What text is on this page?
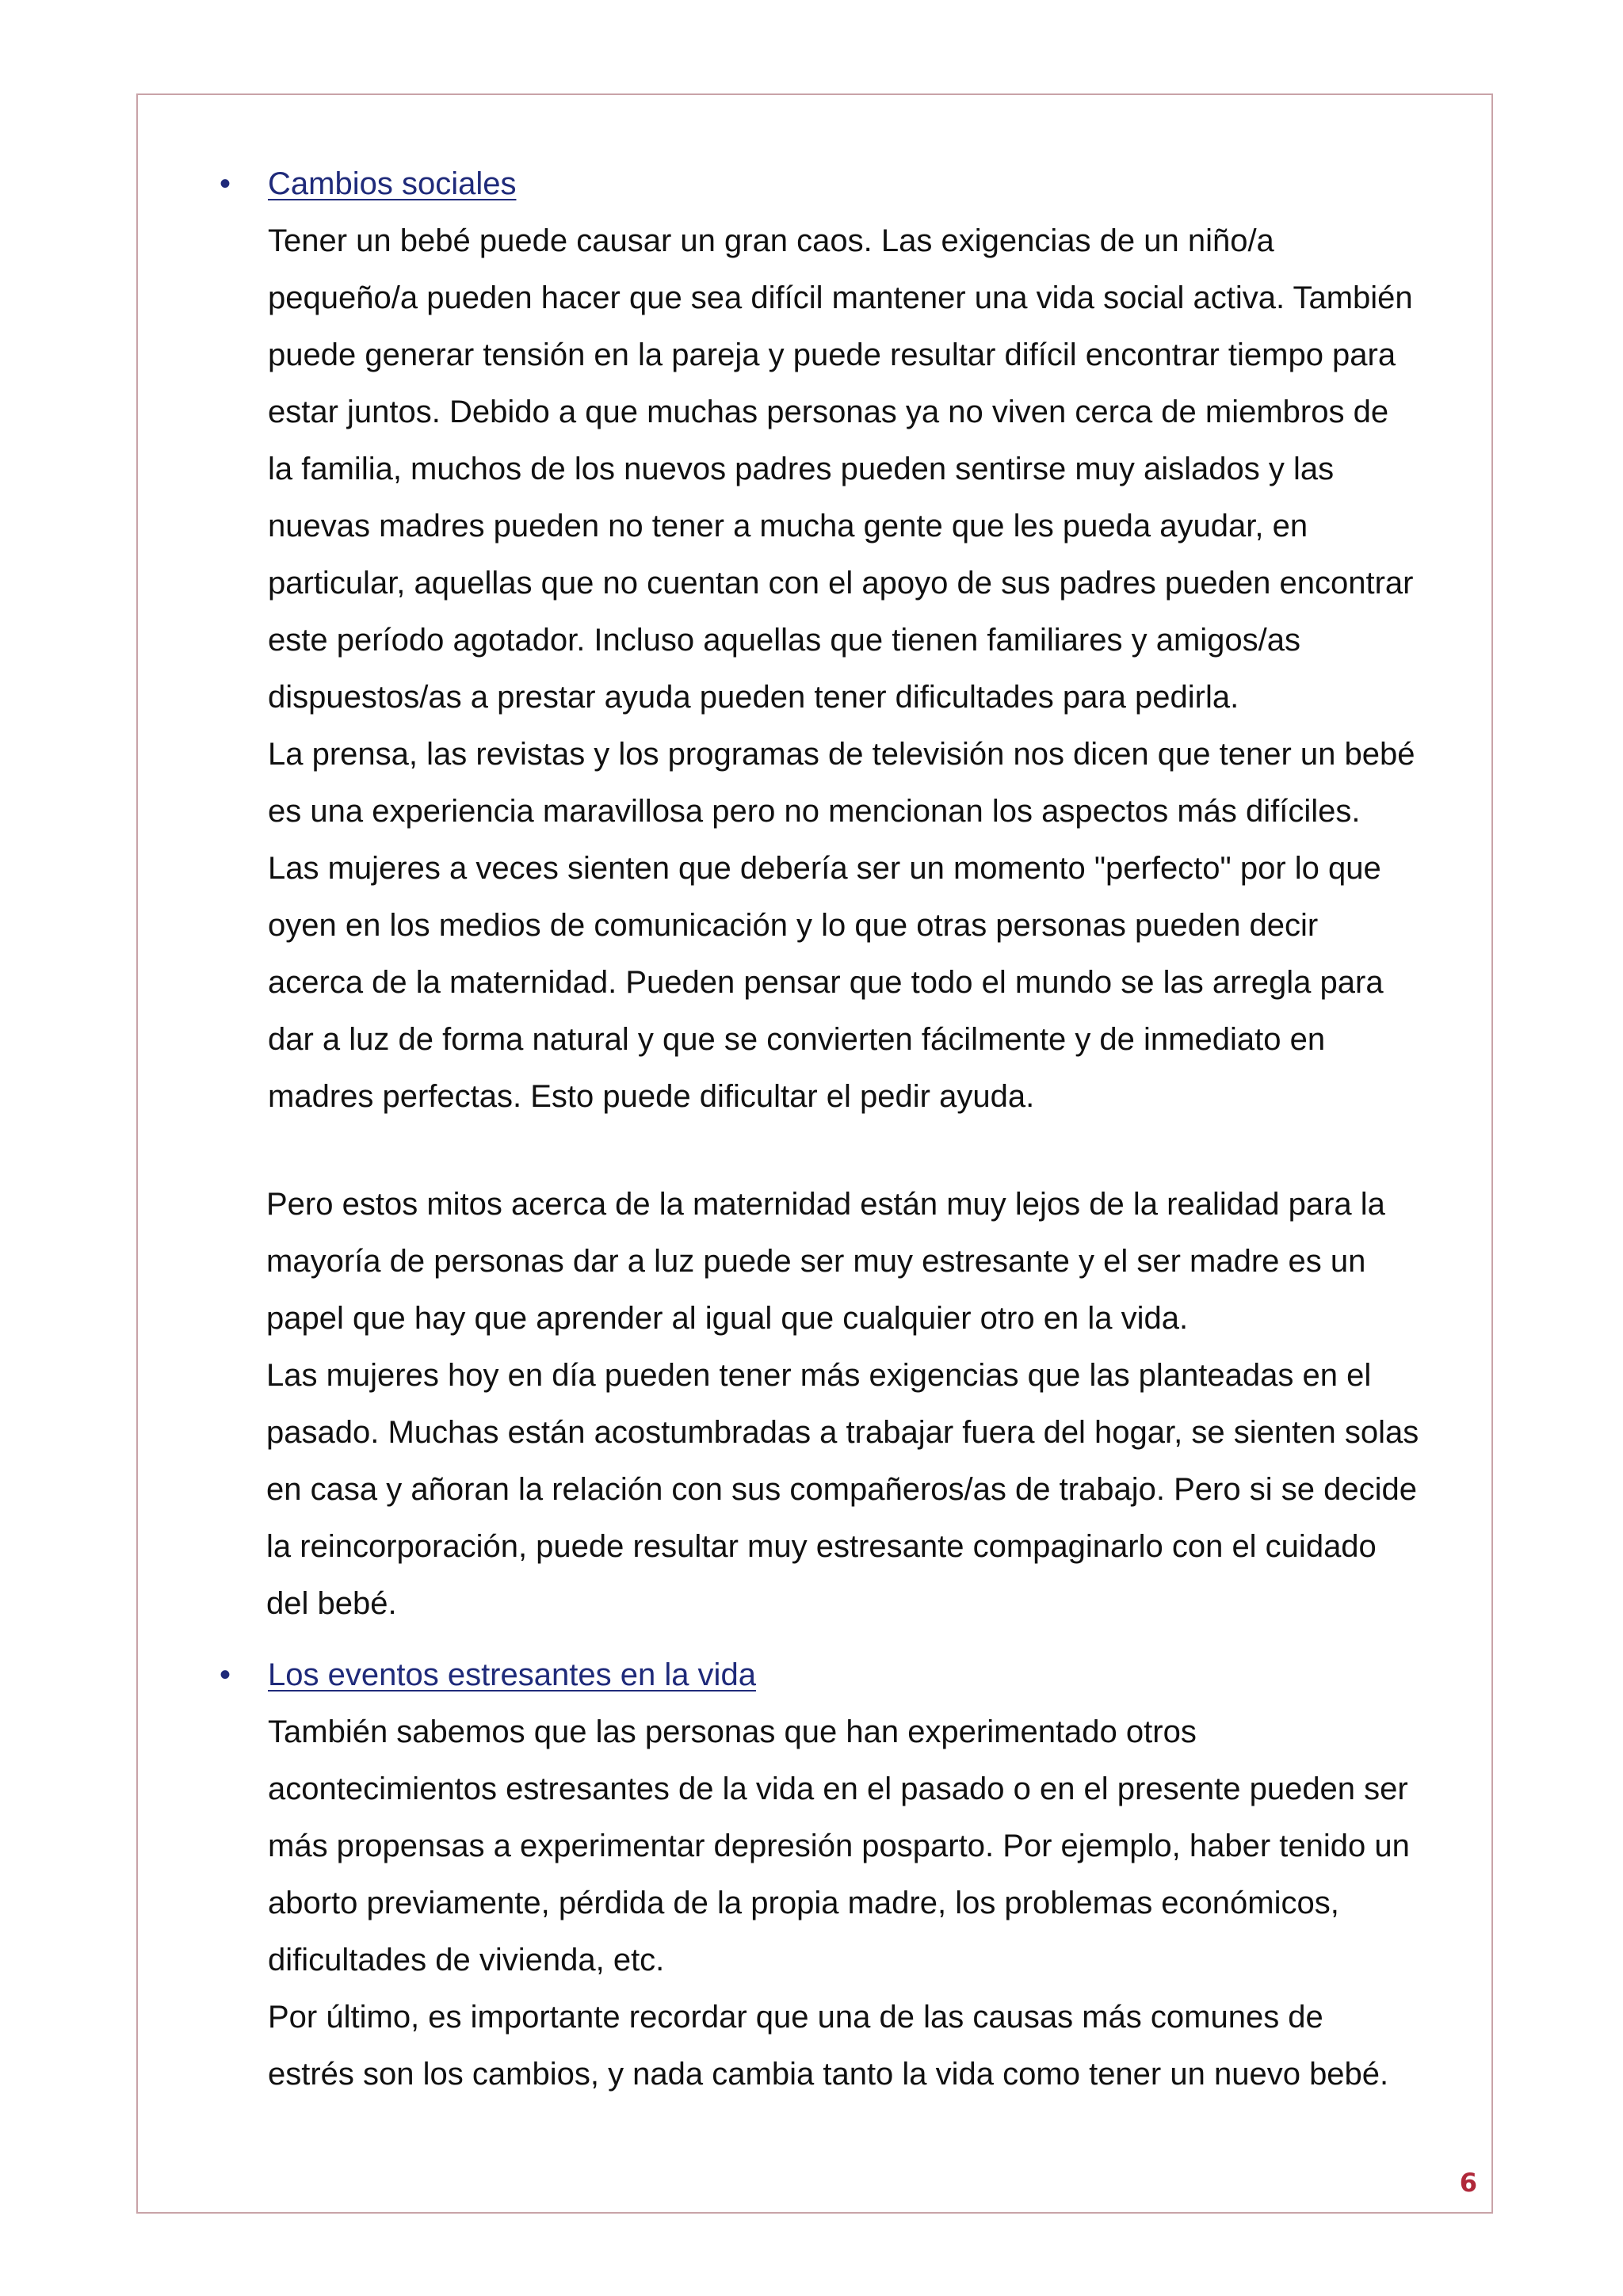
• Cambios sociales

Tener un bebé puede causar un gran caos. Las exigencias de un niño/a
pequeño/a pueden hacer que sea difícil mantener una vida social activa. También
puede generar tensión en la pareja y puede resultar difícil encontrar tiempo para
estar juntos. Debido a que muchas personas ya no viven cerca de miembros de
la familia, muchos de los nuevos padres pueden sentirse muy aislados y las
nuevas madres pueden no tener a mucha gente que les pueda ayudar, en
particular, aquellas que no cuentan con el apoyo de sus padres pueden encontrar
este período agotador. Incluso aquellas que tienen familiares y amigos/as
dispuestos/as a prestar ayuda pueden tener dificultades para pedirla.
La prensa, las revistas y los programas de televisión nos dicen que tener un bebé
es una experiencia maravillosa pero no mencionan los aspectos más difíciles.
Las mujeres a veces sienten que debería ser un momento "perfecto" por lo que
oyen en los medios de comunicación y lo que otras personas pueden decir
acerca de la maternidad. Pueden pensar que todo el mundo se las arregla para
dar a luz de forma natural y que se convierten fácilmente y de inmediato en
madres perfectas. Esto puede dificultar el pedir ayuda.

Pero estos mitos acerca de la maternidad están muy lejos de la realidad para la
mayoría de personas dar a luz puede ser muy estresante y el ser madre es un
papel que hay que aprender al igual que cualquier otro en la vida.
Las mujeres hoy en día pueden tener más exigencias que las planteadas en el
pasado. Muchas están acostumbradas a trabajar fuera del hogar, se sienten solas
en casa y añoran la relación con sus compañeros/as de trabajo. Pero si se decide
la reincorporación, puede resultar muy estresante compaginarlo con el cuidado
del bebé.

• Los eventos estresantes en la vida

También sabemos que las personas que han experimentado otros
acontecimientos estresantes de la vida en el pasado o en el presente pueden ser
más propensas a experimentar depresión posparto. Por ejemplo, haber tenido un
aborto previamente, pérdida de la propia madre, los problemas económicos,
dificultades de vivienda, etc.
Por último, es importante recordar que una de las causas más comunes de
estrés son los cambios, y nada cambia tanto la vida como tener un nuevo bebé.

6
